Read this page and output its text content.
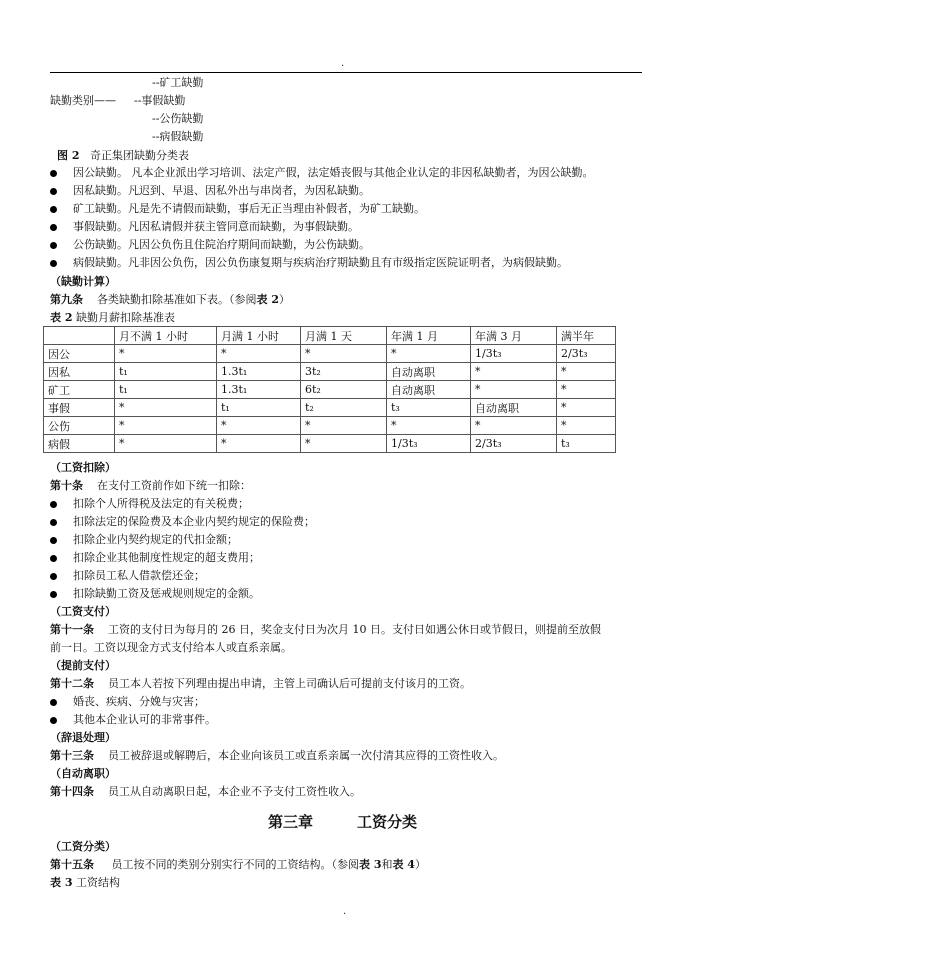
.
--矿工缺勤
缺勤类别—— --事假缺勤
--公伤缺勤
--病假缺勤
图 2 奇正集团缺勤分类表
因公缺勤。 凡本企业派出学习培训、法定产假，法定婚丧假与其他企业认定的非因私缺勤者，为因公缺勤。
因私缺勤。凡迟到、早退、因私外出与串岗者，为因私缺勤。
矿工缺勤。凡是先不请假而缺勤，事后无正当理由补假者，为矿工缺勤。
事假缺勤。凡因私请假并获主管同意而缺勤，为事假缺勤。
公伤缺勤。凡因公负伤且住院治疗期间而缺勤，为公伤缺勤。
病假缺勤。凡非因公负伤，因公负伤康复期与疾病治疗期缺勤且有市级指定医院证明者，为病假缺勤。
（缺勤计算）
第九条 各类缺勤扣除基准如下表。（参阅表 2）
表 2 缺勤月薪扣除基准表
	月不满 1 小时	月满 1 小时	月满 1 天	年满 1 月	年满 3 月	满半年
因公	*	*	*	*	1/3t₃	2/3t₃
因私	t₁	1.3t₁	3t₂	自动离职	*	*
矿工	t₁	1.3t₁	6t₂	自动离职	*	*
事假	*	t₁	t₂	t₃	自动离职	*
公伤	*	*	*	*	*	*
病假	*	*	*	1/3t₃	2/3t₃	t₃
（工资扣除）
第十条 在支付工资前作如下统一扣除：
扣除个人所得税及法定的有关税费；
扣除法定的保险费及本企业内契约规定的保险费；
扣除企业内契约规定的代扣金额；
扣除企业其他制度性规定的超支费用；
扣除员工私人借款偿还金；
扣除缺勤工资及惩戒规则规定的金额。
（工资支付）
第十一条 工资的支付日为每月的 26 日，奖金支付日为次月 10 日。支付日如遇公休日或节假日，则提前至放假
前一日。工资以现金方式支付给本人或直系亲属。
（提前支付）
第十二条 员工本人若按下列理由提出申请，主管上司确认后可提前支付该月的工资。
婚丧、疾病、分娩与灾害；
其他本企业认可的非常事件。
（辞退处理）
第十三条 员工被辞退或解聘后，本企业向该员工或直系亲属一次付清其应得的工资性收入。
（自动离职）
第十四条 员工从自动离职日起，本企业不予支付工资性收入。
第三章	工资分类
（工资分类）
第十五条 员工按不同的类别分别实行不同的工资结构。（参阅表 3和表 4）
表 3 工资结构
.
